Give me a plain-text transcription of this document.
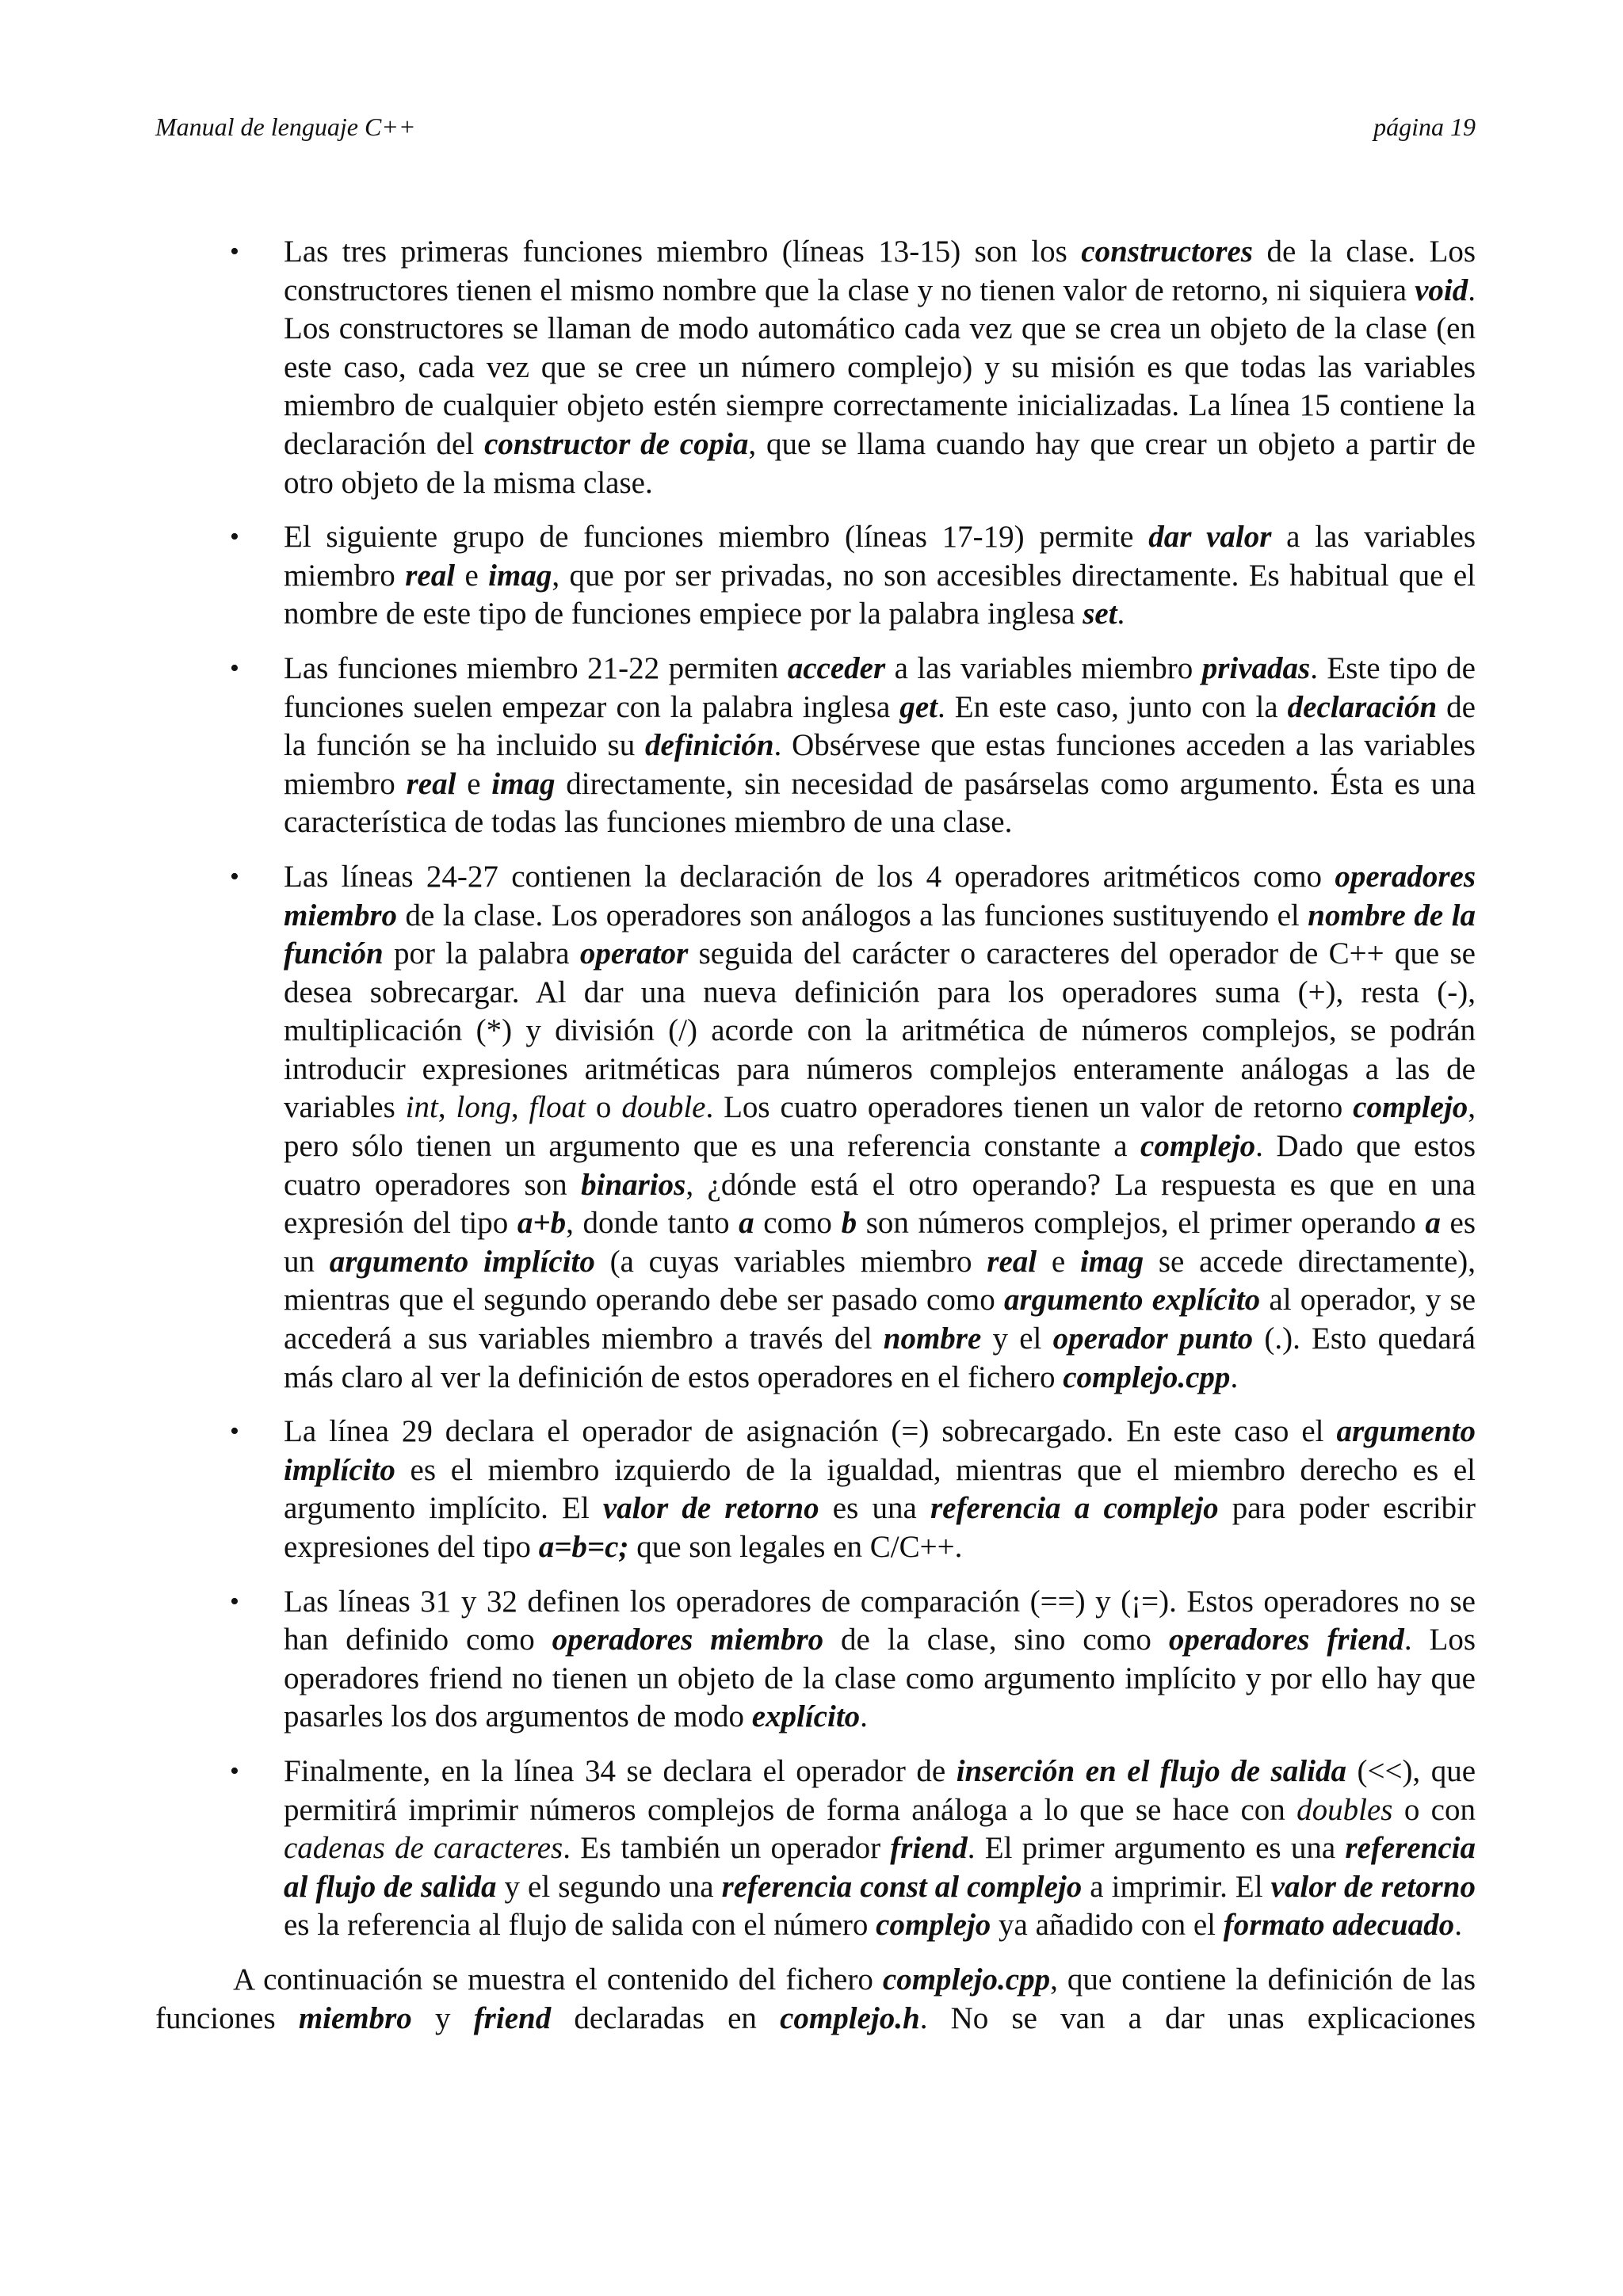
Manual de lenguaje C++	página 19
• Las tres primeras funciones miembro (líneas 13-15) son los constructores de la clase. Los constructores tienen el mismo nombre que la clase y no tienen valor de retorno, ni siquiera void. Los constructores se llaman de modo automático cada vez que se crea un objeto de la clase (en este caso, cada vez que se cree un número complejo) y su misión es que todas las variables miembro de cualquier objeto estén siempre correctamente inicializadas. La línea 15 contiene la declaración del constructor de copia, que se llama cuando hay que crear un objeto a partir de otro objeto de la misma clase.
• El siguiente grupo de funciones miembro (líneas 17-19) permite dar valor a las variables miembro real e imag, que por ser privadas, no son accesibles directamente. Es habitual que el nombre de este tipo de funciones empiece por la palabra inglesa set.
• Las funciones miembro 21-22 permiten acceder a las variables miembro privadas. Este tipo de funciones suelen empezar con la palabra inglesa get. En este caso, junto con la declaración de la función se ha incluido su definición. Obsérvese que estas funciones acceden a las variables miembro real e imag directamente, sin necesidad de pasárselas como argumento. Ésta es una característica de todas las funciones miembro de una clase.
• Las líneas 24-27 contienen la declaración de los 4 operadores aritméticos como operadores miembro de la clase. Los operadores son análogos a las funciones sustituyendo el nombre de la función por la palabra operator seguida del carácter o caracteres del operador de C++ que se desea sobrecargar. Al dar una nueva definición para los operadores suma (+), resta (-), multiplicación (*) y división (/) acorde con la aritmética de números complejos, se podrán introducir expresiones aritméticas para números complejos enteramente análogas a las de variables int, long, float o double. Los cuatro operadores tienen un valor de retorno complejo, pero sólo tienen un argumento que es una referencia constante a complejo. Dado que estos cuatro operadores son binarios, ¿dónde está el otro operando? La respuesta es que en una expresión del tipo a+b, donde tanto a como b son números complejos, el primer operando a es un argumento implícito (a cuyas variables miembro real e imag se accede directamente), mientras que el segundo operando debe ser pasado como argumento explícito al operador, y se accederá a sus variables miembro a través del nombre y el operador punto (.). Esto quedará más claro al ver la definición de estos operadores en el fichero complejo.cpp.
• La línea 29 declara el operador de asignación (=) sobrecargado. En este caso el argumento implícito es el miembro izquierdo de la igualdad, mientras que el miembro derecho es el argumento implícito. El valor de retorno es una referencia a complejo para poder escribir expresiones del tipo a=b=c; que son legales en C/C++.
• Las líneas 31 y 32 definen los operadores de comparación (==) y (¡=). Estos operadores no se han definido como operadores miembro de la clase, sino como operadores friend. Los operadores friend no tienen un objeto de la clase como argumento implícito y por ello hay que pasarles los dos argumentos de modo explícito.
• Finalmente, en la línea 34 se declara el operador de inserción en el flujo de salida (<<), que permitirá imprimir números complejos de forma análoga a lo que se hace con doubles o con cadenas de caracteres. Es también un operador friend. El primer argumento es una referencia al flujo de salida y el segundo una referencia const al complejo a imprimir. El valor de retorno es la referencia al flujo de salida con el número complejo ya añadido con el formato adecuado.

A continuación se muestra el contenido del fichero complejo.cpp, que contiene la definición de las funciones miembro y friend declaradas en complejo.h. No se van a dar unas explicaciones
